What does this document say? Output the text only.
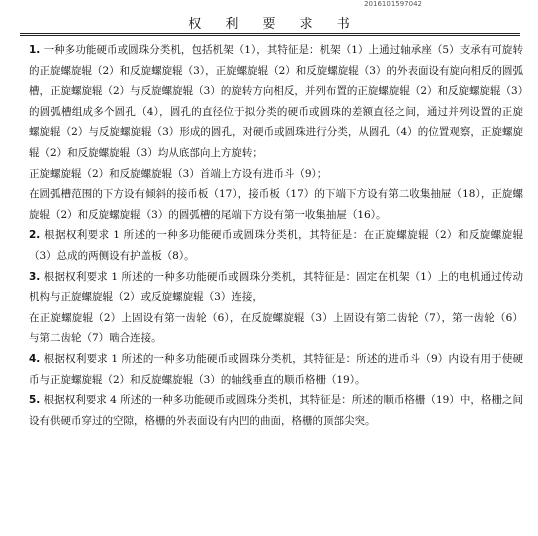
2016101597042
权 利 要 求 书

1. 一种多功能硬币或圆珠分类机，包括机架（1），其特征是：机架（1）上通过轴承座（5）支承有可旋转的正旋螺旋辊（2）和反旋螺旋辊（3），正旋螺旋辊（2）和反旋螺旋辊（3）的外表面设有旋向相反的圆弧槽，正旋螺旋辊（2）与反旋螺旋辊（3）的旋转方向相反，并列布置的正旋螺旋辊（2）和反旋螺旋辊（3）的圆弧槽组成多个圆孔（4），圆孔的直径位于拟分类的硬币或圆珠的差额直径之间，通过并列设置的正旋螺旋辊（2）与反旋螺旋辊（3）形成的圆孔，对硬币或圆珠进行分类，从圆孔（4）的位置观察，正旋螺旋辊（2）和反旋螺旋辊（3）均从底部向上方旋转；

正旋螺旋辊（2）和反旋螺旋辊（3）首端上方设有进币斗（9）；

在圆弧槽范围的下方设有倾斜的接币板（17），接币板（17）的下端下方设有第二收集抽屉（18），正旋螺旋辊（2）和反旋螺旋辊（3）的圆弧槽的尾端下方设有第一收集抽屉（16）。

2. 根据权利要求 1 所述的一种多功能硬币或圆珠分类机，其特征是：在正旋螺旋辊（2）和反旋螺旋辊（3）总成的两侧设有护盖板（8）。

3. 根据权利要求 1 所述的一种多功能硬币或圆珠分类机，其特征是：固定在机架（1）上的电机通过传动机构与正旋螺旋辊（2）或反旋螺旋辊（3）连接，

在正旋螺旋辊（2）上固设有第一齿轮（6），在反旋螺旋辊（3）上固设有第二齿轮（7），第一齿轮（6）与第二齿轮（7）啮合连接。

4. 根据权利要求 1 所述的一种多功能硬币或圆珠分类机，其特征是：所述的进币斗（9）内设有用于使硬币与正旋螺旋辊（2）和反旋螺旋辊（3）的轴线垂直的顺币格栅（19）。

5. 根据权利要求 4 所述的一种多功能硬币或圆珠分类机，其特征是：所述的顺币格栅（19）中，格栅之间设有供硬币穿过的空隙，格栅的外表面设有内凹的曲面，格栅的顶部尖突。
